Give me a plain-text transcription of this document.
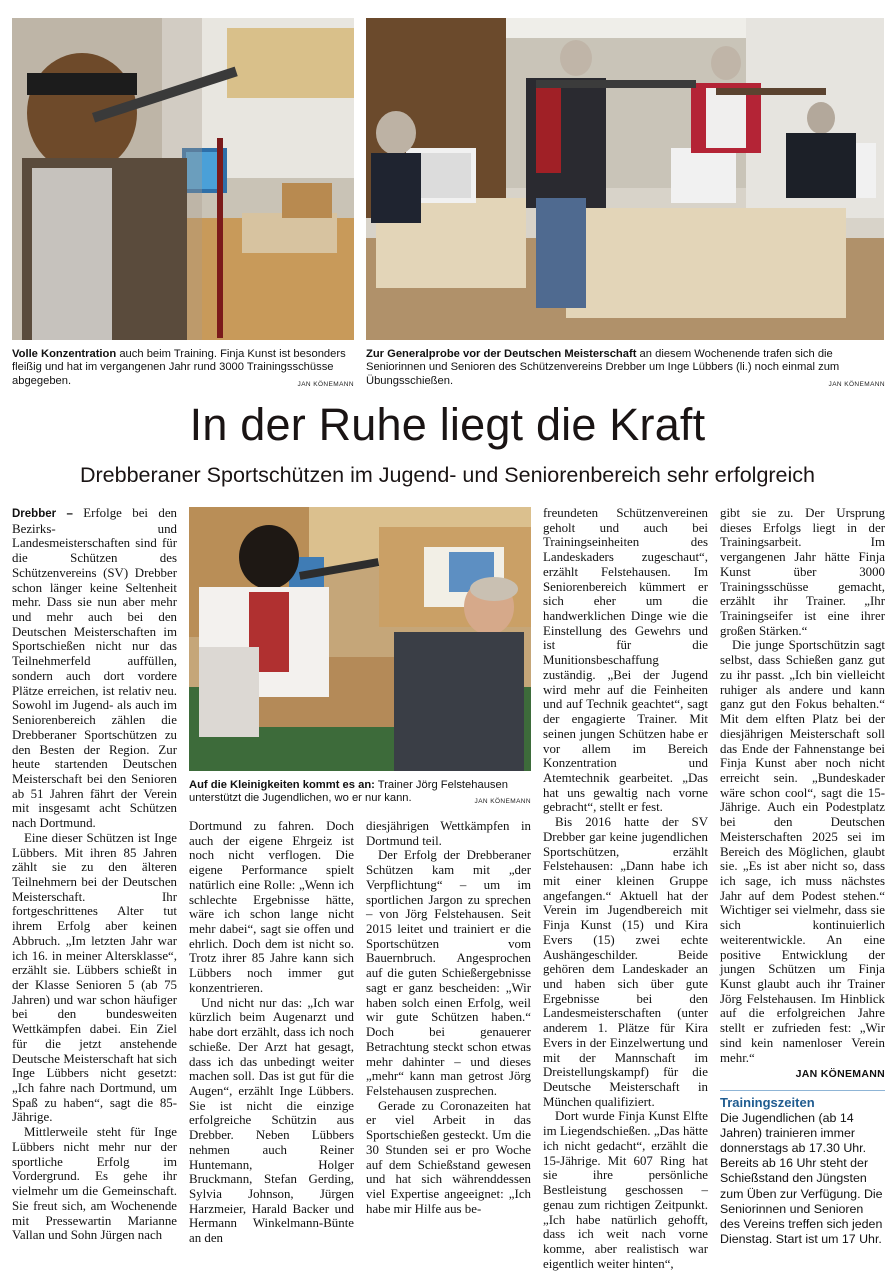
Volle Konzentration auch beim Training. Finja Kunst ist besonders fleißig und hat im vergangenen Jahr rund 3000 Trainingsschüsse abgegeben.	JAN KÖNEMANN
Zur Generalprobe vor der Deutschen Meisterschaft an diesem Wochenende trafen sich die Seniorinnen und Senioren des Schützenvereins Drebber um Inge Lübbers (li.) noch einmal zum Übungsschießen.	JAN KÖNEMANN
In der Ruhe liegt die Kraft
Drebberaner Sportschützen im Jugend- und Seniorenbereich sehr erfolgreich

Drebber – Erfolge bei den Bezirks- und Landesmeisterschaften sind für die Schützen des Schützenvereins (SV) Drebber schon länger keine Seltenheit mehr. Dass sie nun aber mehr und mehr auch bei den Deutschen Meisterschaften im Sportschießen nicht nur das Teilnehmerfeld auffüllen, sondern auch dort vordere Plätze erreichen, ist relativ neu. Sowohl im Jugend- als auch im Seniorenbereich zählen die Drebberaner Sportschützen zu den Besten der Region. Zur heute startenden Deutschen Meisterschaft bei den Senioren ab 51 Jahren fährt der Verein mit insgesamt acht Schützen nach Dortmund.

Eine dieser Schützen ist Inge Lübbers. Mit ihren 85 Jahren zählt sie zu den älteren Teilnehmern bei der Deutschen Meisterschaft. Ihr fortgeschrittenes Alter tut ihrem Erfolg aber keinen Abbruch. „Im letzten Jahr war ich 16. in meiner Altersklasse“, erzählt sie. Lübbers schießt in der Klasse Senioren 5 (ab 75 Jahren) und war schon häufiger bei den bundesweiten Wettkämpfen dabei. Ein Ziel für die jetzt anstehende Deutsche Meisterschaft hat sich Inge Lübbers nicht gesetzt: „Ich fahre nach Dortmund, um Spaß zu haben“, sagt die 85-Jährige.

Mittlerweile steht für Inge Lübbers nicht mehr nur der sportliche Erfolg im Vordergrund. Es gehe ihr vielmehr um die Gemeinschaft. Sie freut sich, am Wochenende mit Pressewartin Marianne Vallan und Sohn Jürgen nach

Auf die Kleinigkeiten kommt es an: Trainer Jörg Felstehausen unterstützt die Jugendlichen, wo er nur kann.	JAN KÖNEMANN

Dortmund zu fahren. Doch auch der eigene Ehrgeiz ist noch nicht verflogen. Die eigene Performance spielt natürlich eine Rolle: „Wenn ich schlechte Ergebnisse hätte, wäre ich schon lange nicht mehr dabei“, sagt sie offen und ehrlich. Doch dem ist nicht so. Trotz ihrer 85 Jahre kann sich Lübbers noch immer gut konzentrieren.

Und nicht nur das: „Ich war kürzlich beim Augenarzt und habe dort erzählt, dass ich noch schieße. Der Arzt hat gesagt, dass ich das unbedingt weiter machen soll. Das ist gut für die Augen“, erzählt Inge Lübbers. Sie ist nicht die einzige erfolgreiche Schützin aus Drebber. Neben Lübbers nehmen auch Reiner Huntemann, Holger Bruckmann, Stefan Gerding, Sylvia Johnson, Jürgen Harzmeier, Harald Backer und Hermann Winkelmann-Bünte an den

diesjährigen Wettkämpfen in Dortmund teil.

Der Erfolg der Drebberaner Schützen kam mit „der Verpflichtung“ – um im sportlichen Jargon zu sprechen – von Jörg Felstehausen. Seit 2015 leitet und trainiert er die Sportschützen vom Bauernbruch. Angesprochen auf die guten Schießergebnisse sagt er ganz bescheiden: „Wir haben solch einen Erfolg, weil wir gute Schützen haben.“ Doch bei genauerer Betrachtung steckt schon etwas mehr dahinter – und dieses „mehr“ kann man getrost Jörg Felstehausen zusprechen.

Gerade zu Coronazeiten hat er viel Arbeit in das Sportschießen gesteckt. Um die 30 Stunden sei er pro Woche auf dem Schießstand gewesen und hat sich währenddessen viel Expertise angeeignet: „Ich habe mir Hilfe aus be-

freundeten Schützenvereinen geholt und auch bei Trainingseinheiten des Landeskaders zugeschaut“, erzählt Felstehausen. Im Seniorenbereich kümmert er sich eher um die handwerklichen Dinge wie die Einstellung des Gewehrs und ist für die Munitionsbeschaffung zuständig. „Bei der Jugend wird mehr auf die Feinheiten und auf Technik geachtet“, sagt der engagierte Trainer. Mit seinen jungen Schützen habe er vor allem im Bereich Konzentration und Atemtechnik gearbeitet. „Das hat uns gewaltig nach vorne gebracht“, stellt er fest.

Bis 2016 hatte der SV Drebber gar keine jugendlichen Sportschützen, erzählt Felstehausen: „Dann habe ich mit einer kleinen Gruppe angefangen.“ Aktuell hat der Verein im Jugendbereich mit Finja Kunst (15) und Kira Evers (15) zwei echte Aushängeschilder. Beide gehören dem Landeskader an und haben sich über gute Ergebnisse bei den Landesmeisterschaften (unter anderem 1. Plätze für Kira Evers in der Einzelwertung und mit der Mannschaft im Dreistellungskampf) für die Deutsche Meisterschaft in München qualifiziert.

Dort wurde Finja Kunst Elfte im Liegendschießen. „Das hätte ich nicht gedacht“, erzählt die 15-Jährige. Mit 607 Ring hat sie ihre persönliche Bestleistung geschossen – genau zum richtigen Zeitpunkt. „Ich habe natürlich gehofft, dass ich weit nach vorne komme, aber realistisch war eigentlich weiter hinten“,

gibt sie zu. Der Ursprung dieses Erfolgs liegt in der Trainingsarbeit. Im vergangenen Jahr hätte Finja Kunst über 3000 Trainingsschüsse gemacht, erzählt ihr Trainer. „Ihr Trainingseifer ist eine ihrer großen Stärken.“

Die junge Sportschützin sagt selbst, dass Schießen ganz gut zu ihr passt. „Ich bin vielleicht ruhiger als andere und kann ganz gut den Fokus behalten.“ Mit dem elften Platz bei der diesjährigen Meisterschaft soll das Ende der Fahnenstange bei Finja Kunst aber noch nicht erreicht sein. „Bundeskader wäre schon cool“, sagt die 15-Jährige. Auch ein Podestplatz bei den Deutschen Meisterschaften 2025 sei im Bereich des Möglichen, glaubt sie. „Es ist aber nicht so, dass ich sage, ich muss nächstes Jahr auf dem Podest stehen.“ Wichtiger sei vielmehr, dass sie sich kontinuierlich weiterentwickle. An eine positive Entwicklung der jungen Schützen um Finja Kunst glaubt auch ihr Trainer Jörg Felstehausen. Im Hinblick auf die erfolgreichen Jahre stellt er zufrieden fest: „Wir sind kein namenloser Verein mehr.“

JAN KÖNEMANN
Trainingszeiten
Die Jugendlichen (ab 14 Jahren) trainieren immer donnerstags ab 17.30 Uhr. Bereits ab 16 Uhr steht der Schießstand den Jüngsten zum Üben zur Verfügung. Die Seniorinnen und Senioren des Vereins treffen sich jeden Dienstag. Start ist um 17 Uhr.
